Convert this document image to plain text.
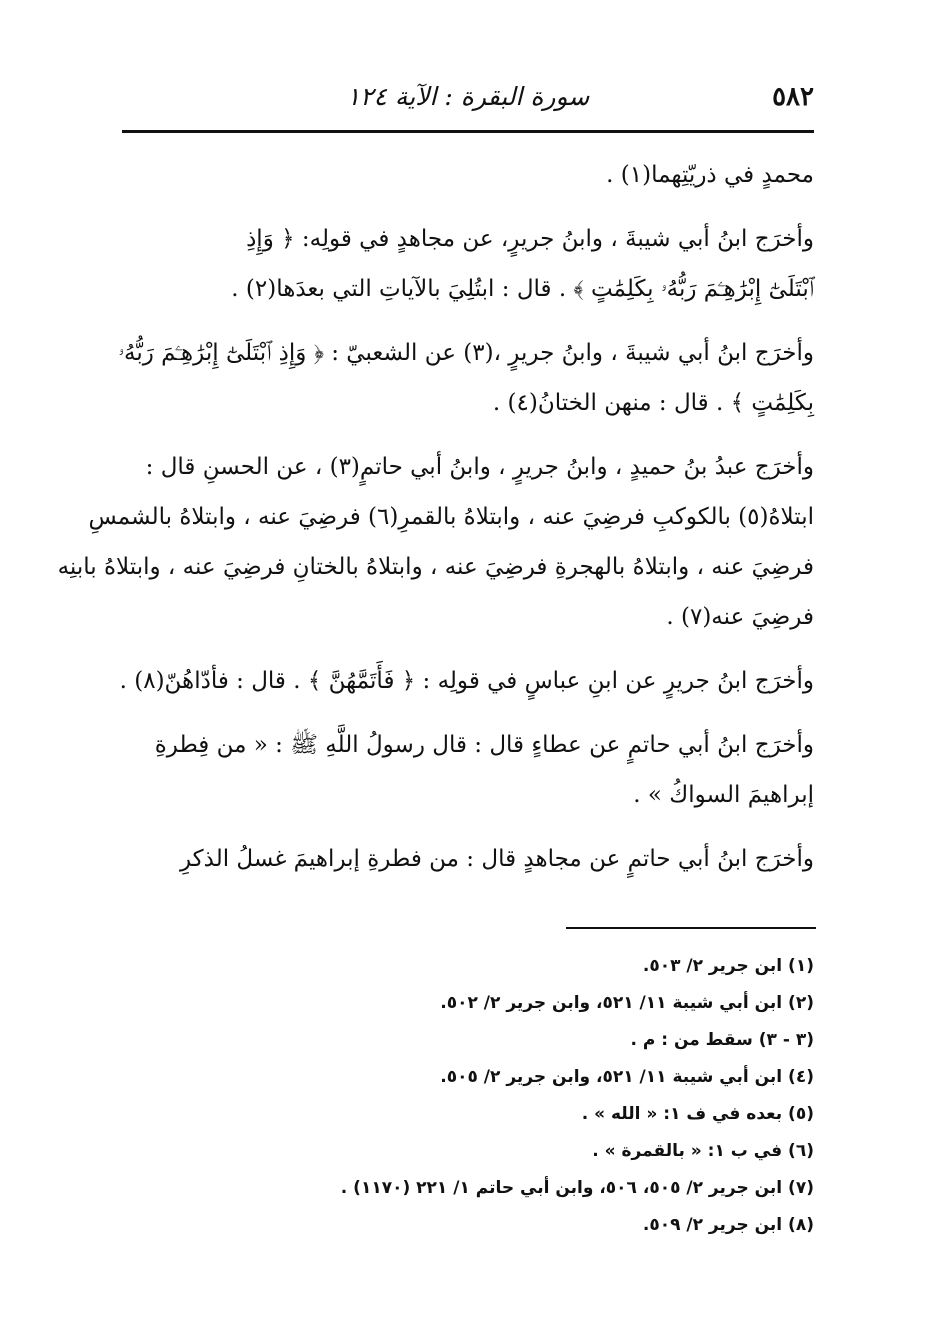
٥٨٢
سورة البقرة : الآية ١٢٤

محمدٍ في ذريّتِهما(١) .

وأخرَج ابنُ أبي شيبةَ ، وابنُ جريرٍ، عن مجاهدٍ في قولِه: ﴿ وَإِذِ
ٱبْتَلَىٰٓ إِبْرَٰهِـۧمَ رَبُّهُۥ بِكَلِمَٰتٍ ﴾ . قال : ابتُلِيَ بالآياتِ التي بعدَها(٢) .

وأخرَج ابنُ أبي شيبةَ ، وابنُ جريرٍ ،(٣) عن الشعبيّ : ﴿ وَإِذِ ٱبْتَلَىٰٓ إِبْرَٰهِـۧمَ رَبُّهُۥ
بِكَلِمَٰتٍ ﴾ . قال : منهن الختانُ(٤) .

وأخرَج عبدُ بنُ حميدٍ ، وابنُ جريرٍ ، وابنُ أبي حاتمٍ(٣) ، عن الحسنِ قال :
ابتلاهُ(٥) بالكوكبِ فرضِيَ عنه ، وابتلاهُ بالقمرِ(٦) فرضِيَ عنه ، وابتلاهُ بالشمسِ
فرضِيَ عنه ، وابتلاهُ بالهجرةِ فرضِيَ عنه ، وابتلاهُ بالختانِ فرضِيَ عنه ، وابتلاهُ بابنِه
فرضِيَ عنه(٧) .

وأخرَج ابنُ جريرٍ عن ابنِ عباسٍ في قولِه : ﴿ فَأَتَمَّهُنَّ ﴾ . قال : فأدّاهُنّ(٨) .

وأخرَج ابنُ أبي حاتمٍ عن عطاءٍ قال : قال رسولُ اللَّهِ ﷺ : « من فِطرةِ
إبراهيمَ السواكُ » .

وأخرَج ابنُ أبي حاتمٍ عن مجاهدٍ قال : من فطرةِ إبراهيمَ غسلُ الذكرِ

(١) ابن جرير ٢/ ٥٠٣.
(٢) ابن أبي شيبة ١١/ ٥٢١، وابن جرير ٢/ ٥٠٢.
(٣ - ٣) سقط من : م .
(٤) ابن أبي شيبة ١١/ ٥٢١، وابن جرير ٢/ ٥٠٥.
(٥) بعده في ف ١: « الله » .
(٦) في ب ١: « بالقمرة » .
(٧) ابن جرير ٢/ ٥٠٥، ٥٠٦، وابن أبي حاتم ١/ ٢٢١ (١١٧٠) .
(٨) ابن جرير ٢/ ٥٠٩.
